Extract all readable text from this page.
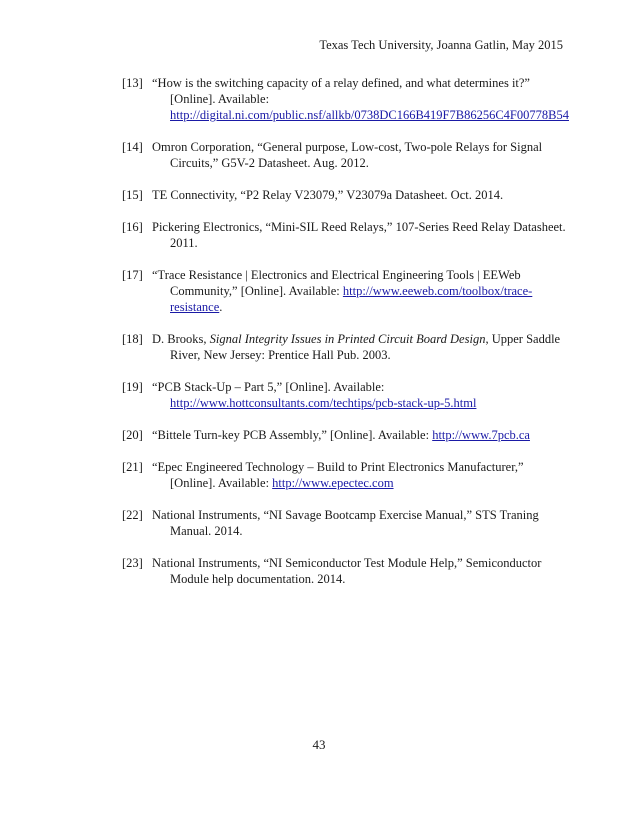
Texas Tech University, Joanna Gatlin, May 2015
[13] “How is the switching capacity of a relay defined, and what determines it?” [Online]. Available: http://digital.ni.com/public.nsf/allkb/0738DC166B419F7B86256C4F00778B54
[14] Omron Corporation, “General purpose, Low-cost, Two-pole Relays for Signal Circuits,” G5V-2 Datasheet. Aug. 2012.
[15] TE Connectivity, “P2 Relay V23079,” V23079a Datasheet. Oct. 2014.
[16] Pickering Electronics, “Mini-SIL Reed Relays,” 107-Series Reed Relay Datasheet. 2011.
[17] “Trace Resistance | Electronics and Electrical Engineering Tools | EEWeb Community,” [Online]. Available: http://www.eeweb.com/toolbox/trace-resistance.
[18] D. Brooks, Signal Integrity Issues in Printed Circuit Board Design, Upper Saddle River, New Jersey: Prentice Hall Pub. 2003.
[19] “PCB Stack-Up – Part 5,” [Online]. Available: http://www.hottconsultants.com/techtips/pcb-stack-up-5.html
[20] “Bittele Turn-key PCB Assembly,” [Online]. Available: http://www.7pcb.ca
[21] “Epec Engineered Technology – Build to Print Electronics Manufacturer,” [Online]. Available: http://www.epectec.com
[22] National Instruments, “NI Savage Bootcamp Exercise Manual,” STS Traning Manual. 2014.
[23] National Instruments, “NI Semiconductor Test Module Help,” Semiconductor Module help documentation. 2014.
43
